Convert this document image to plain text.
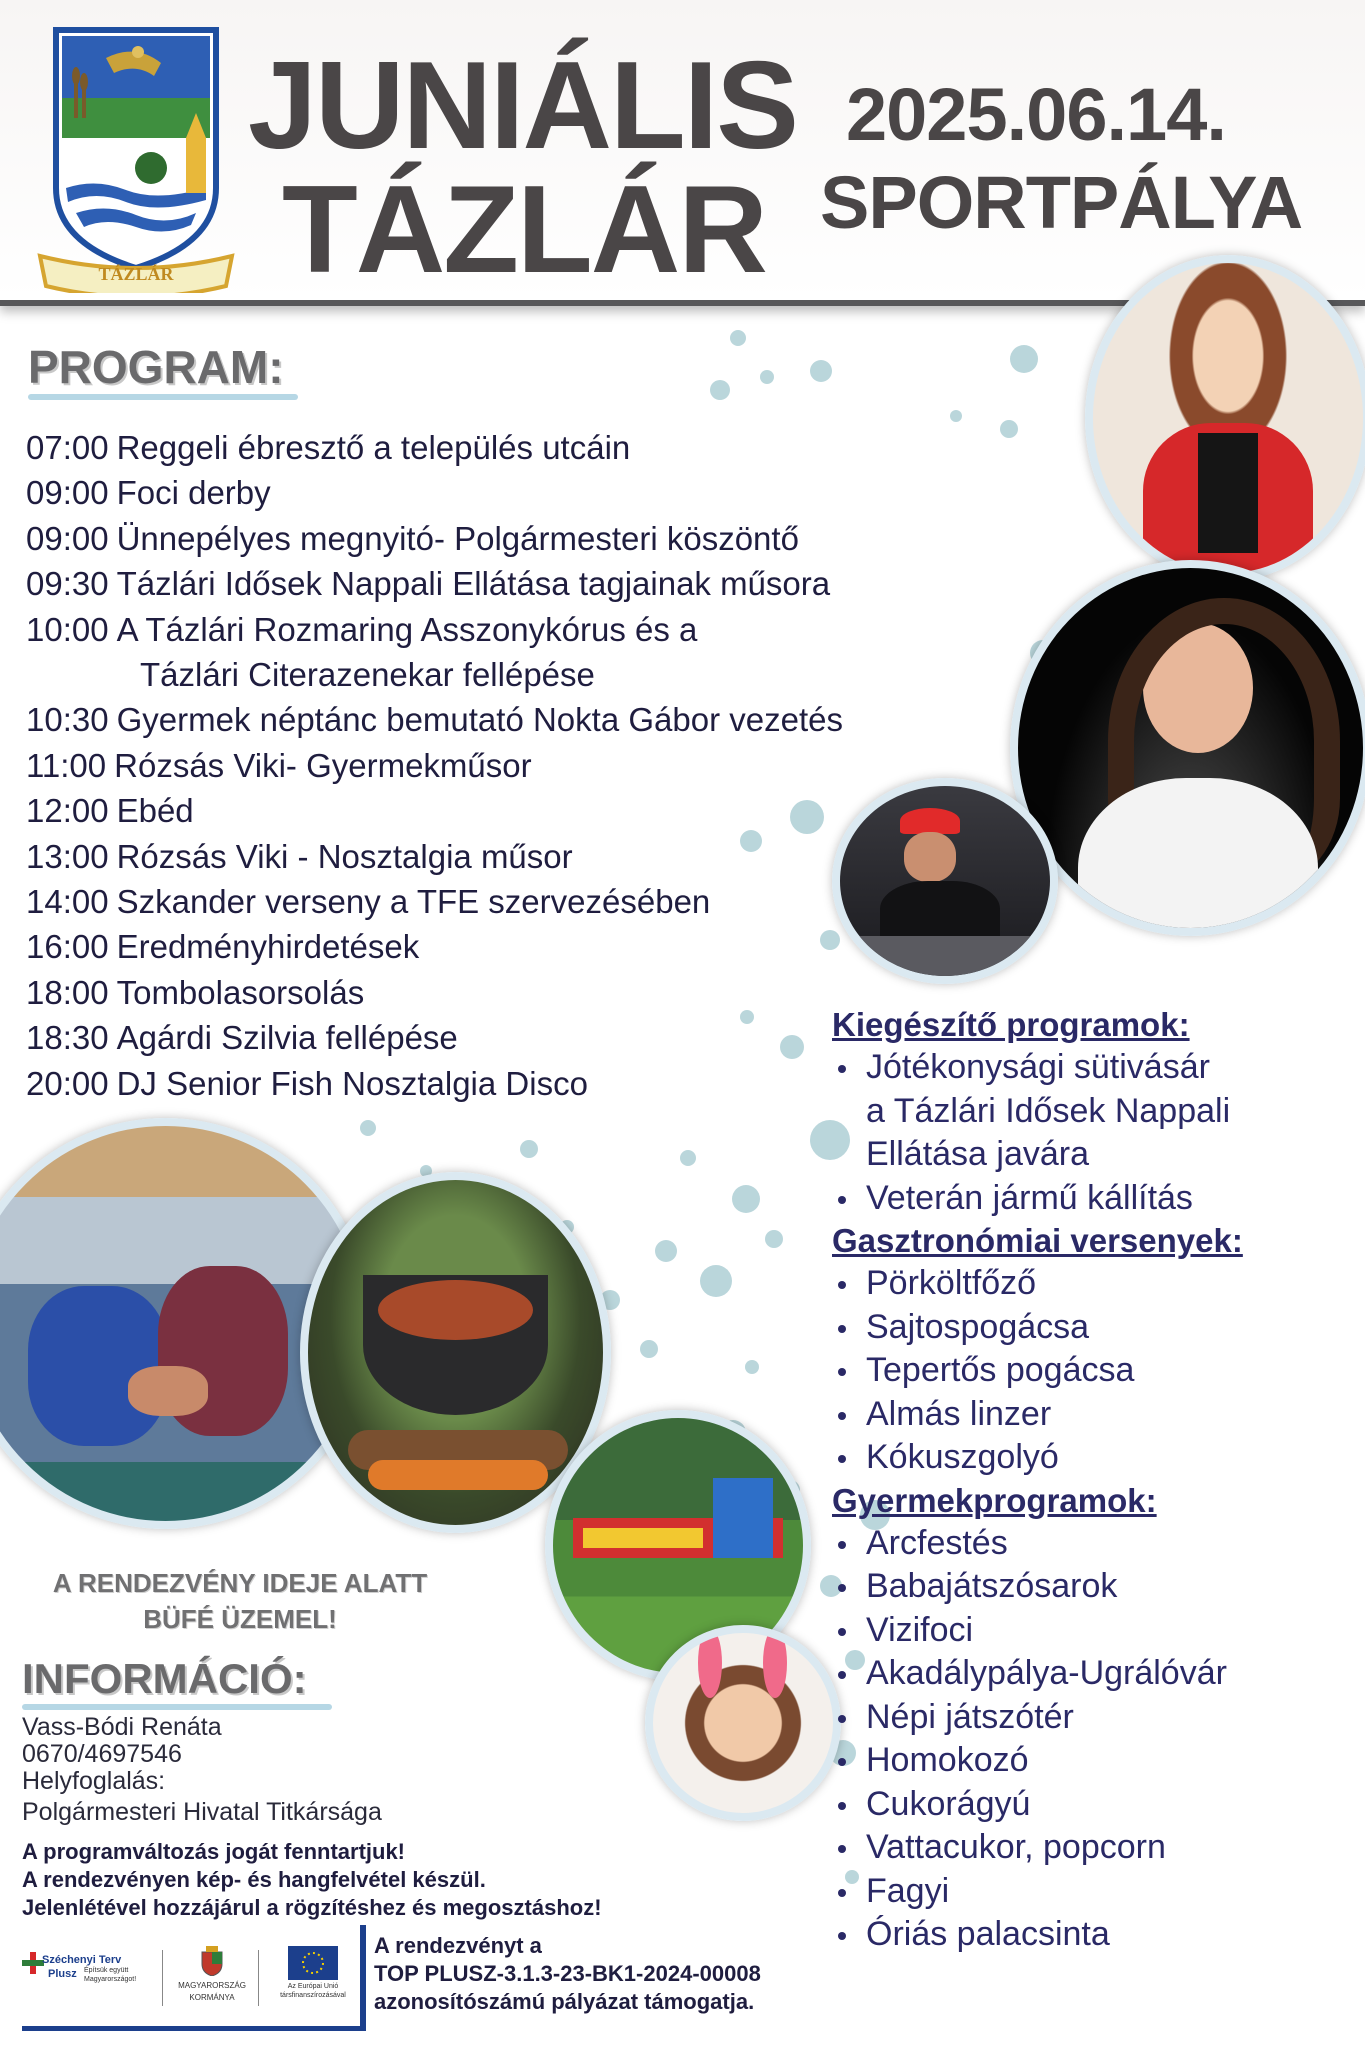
TÁZLÁR
JUNIÁLIS
TÁZLÁR
2025.06.14.
SPORTPÁLYA
PROGRAM:
07:00 Reggeli ébresztő a település utcáin
09:00 Foci derby
09:00 Ünnepélyes megnyitó- Polgármesteri köszöntő
09:30 Tázlári Idősek Nappali Ellátása tagjainak műsora
10:00 A Tázlári Rozmaring Asszonykórus és a
Tázlári Citerazenekar fellépése
10:30 Gyermek néptánc bemutató Nokta Gábor vezetés
11:00 Rózsás Viki- Gyermekműsor
12:00 Ebéd
13:00 Rózsás Viki - Nosztalgia műsor
14:00 Szkander verseny a TFE szervezésében
16:00 Eredményhirdetések
18:00 Tombolasorsolás
18:30 Agárdi Szilvia fellépése
20:00 DJ Senior Fish Nosztalgia Disco
Kiegészítő programok:
Jótékonysági sütivásár
a Tázlári Idősek Nappali
Ellátása javára
Veterán jármű kállítás
Gasztronómiai versenyek:
Pörköltfőző
Sajtospogácsa
Tepertős pogácsa
Almás linzer
Kókuszgolyó
Gyermekprogramok:
Arcfestés
Babajátszósarok
Vizifoci
Akadálypálya-Ugrálóvár
Népi játszótér
Homokozó
Cukorágyú
Vattacukor, popcorn
Fagyi
Óriás palacsinta
A RENDEZVÉNY IDEJE ALATT
BÜFÉ ÜZEMEL!
INFORMÁCIÓ:
Vass-Bódi Renáta
0670/4697546
Helyfoglalás:
Polgármesteri Hivatal Titkársága
A programváltozás jogát fenntartjuk!
A rendezvényen kép- és hangfelvétel készül.
Jelenlétével hozzájárul a rögzítéshez és megosztáshoz!
Széchenyi Terv
Plusz Építsük együtt Magyarországot!
MAGYARORSZÁG KORMÁNYA
Az Európai Unió társfinanszírozásával
A rendezvényt a
TOP PLUSZ-3.1.3-23-BK1-2024-00008
azonosítószámú pályázat támogatja.
